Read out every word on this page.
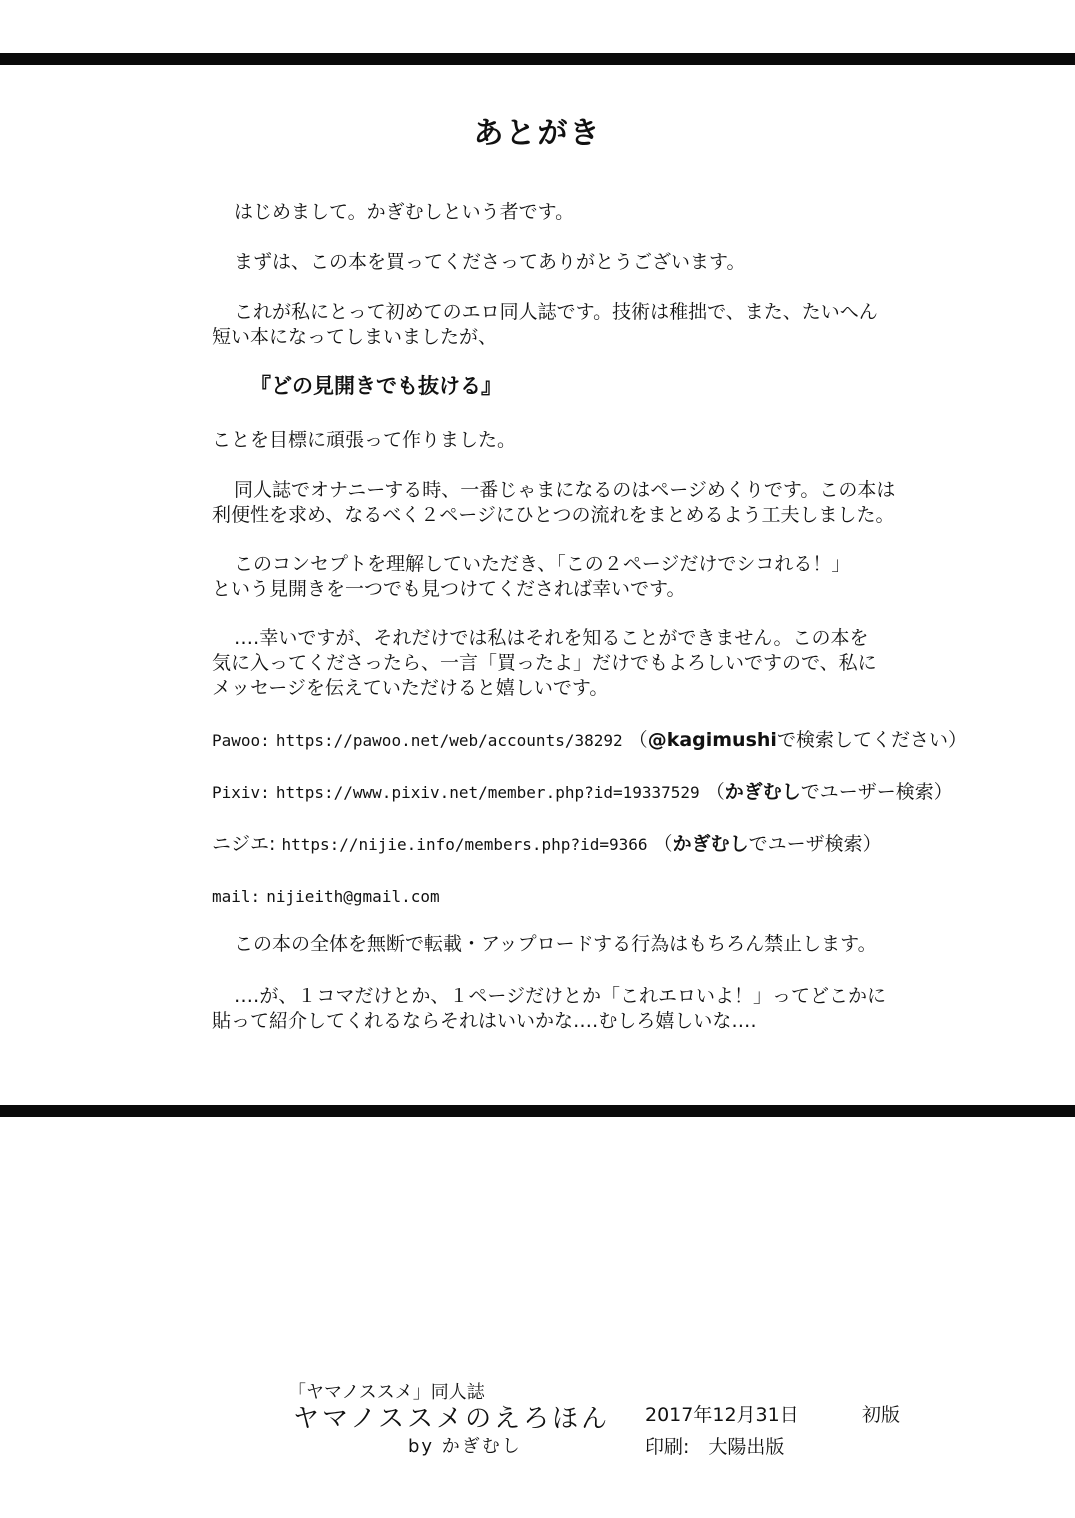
あとがき
はじめまして。かぎむしという者です。
まずは、この本を買ってくださってありがとうございます。
これが私にとって初めてのエロ同人誌です。技術は稚拙で、また、たいへん
短い本になってしまいましたが、
『どの見開きでも抜ける』
ことを目標に頑張って作りました。
同人誌でオナニーする時、一番じゃまになるのはページめくりです。この本は
利便性を求め、なるべく２ページにひとつの流れをまとめるよう工夫しました。
このコンセプトを理解していただき、「この２ページだけでシコれる！」
という見開きを一つでも見つけてくだされば幸いです。
‥‥幸いですが、それだけでは私はそれを知ることができません。この本を
気に入ってくださったら、一言「買ったよ」だけでもよろしいですので、私に
メッセージを伝えていただけると嬉しいです。
Pawoo: https://pawoo.net/web/accounts/38292 （@kagimushiで検索してください）
Pixiv: https://www.pixiv.net/member.php?id=19337529 （かぎむしでユーザー検索）
ニジエ: https://nijie.info/members.php?id=9366 （かぎむしでユーザ検索）
mail: nijieith@gmail.com
この本の全体を無断で転載・アップロードする行為はもちろん禁止します。
‥‥が、１コマだけとか、１ページだけとか「これエロいよ！」ってどこかに
貼って紹介してくれるならそれはいいかな‥‥むしろ嬉しいな‥‥
「ヤマノススメ」同人誌
ヤマノススメのえろほん
by かぎむし
2017年12月31日	初版
印刷:　大陽出版
